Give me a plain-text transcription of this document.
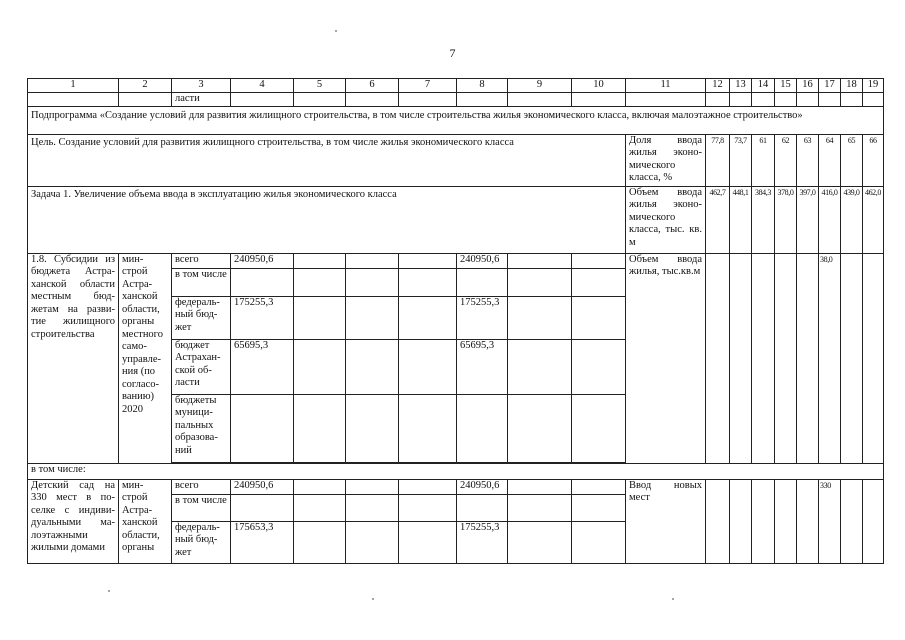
7
1	2	3	4	5	6	7	8	9	10	11	12	13	14	15	16	17	18	19
		ласти																
Подпрограмма «Создание условий для развития жилищного строительства, в том числе строительства жилья экономического класса, включая малоэтажное строительство»																		
Цель. Создание условий для развития жилищного строительства, в том числе жилья экономического класса										Доля ввода жилья эконо-мического класса, %	77,8	73,7	61	62	63	64	65	66
Задача 1. Увеличение объема ввода в эксплуатацию жилья экономического класса										Объем ввода жилья эконо-мического класса, тыс. кв. м	462,7	448,1	384,3	378,0	397,0	416,0	439,0	462,0
1.8. Субсидии из бюджета Астра-ханской области местным бюд-жетам на разви-тие жилищного строительства	мин-строй Астра-ханской области, органы местного само-управле-ния (по согласо-ванию) 2020	всего	240950,6				240950,6			Объем ввода жилья, тыс.кв.м						38,0		
		в том числе																
		федераль-ный бюд-жет	175255,3				175255,3											
		бюджет Астрахан-ской об-ласти	65695,3				65695,3											
		бюджеты муници-пальных образова-ний																

в том числе:																		
Детский сад на 330 мест в по-селке с индиви-дуальными ма-лоэтажными жилыми домами	мин-строй Астра-ханской области, органы	всего	240950,6				240950,6			Ввод новых мест						330		
		в том числе																
		федераль-ный бюд-жет	175653,3				175255,3											
